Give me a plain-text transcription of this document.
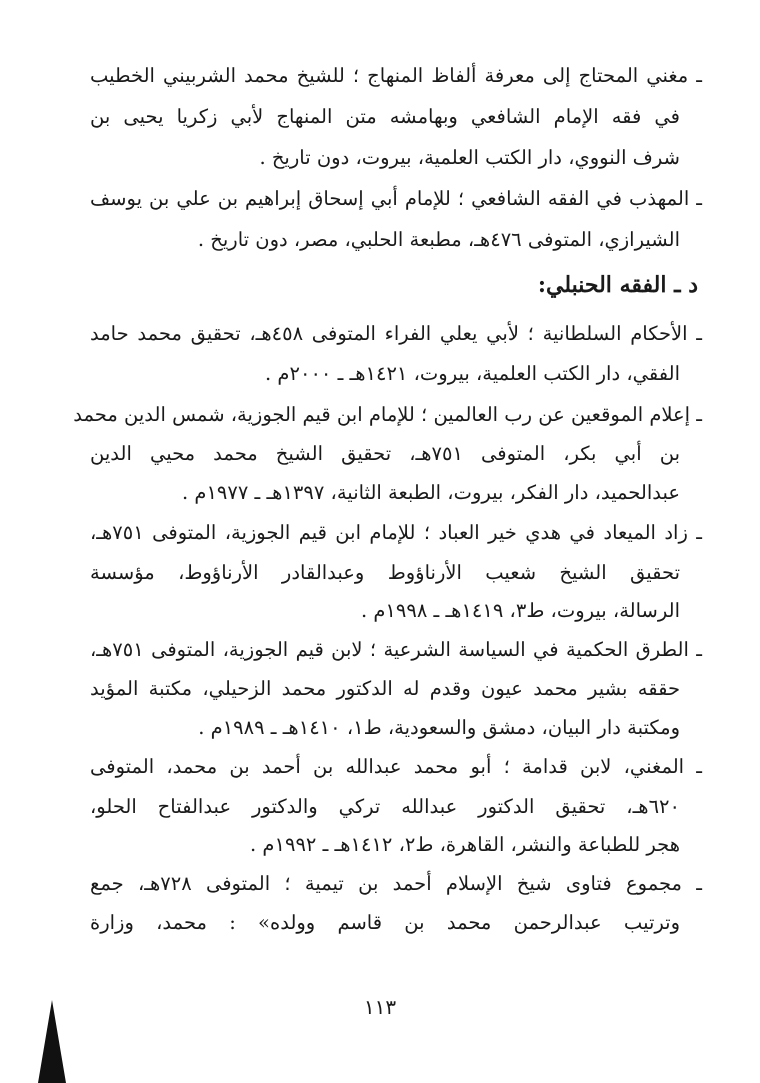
ـ مغني المحتاج إلى معرفة ألفاظ المنهاج ؛ للشيخ محمد الشربيني الخطيب
في فقه الإمام الشافعي وبهامشه متن المنهاج لأبي زكريا يحيى بن
شرف النووي، دار الكتب العلمية، بيروت، دون تاريخ .
ـ المهذب في الفقه الشافعي ؛ للإمام أبي إسحاق إبراهيم بن علي بن يوسف
الشيرازي، المتوفى ٤٧٦هـ، مطبعة الحلبي، مصر، دون تاريخ .
د ـ الفقه الحنبلي:
ـ الأحكام السلطانية ؛ لأبي يعلي الفراء المتوفى ٤٥٨هـ، تحقيق محمد حامد
الفقي، دار الكتب العلمية، بيروت، ١٤٢١هـ ـ ٢٠٠٠م .
ـ إعلام الموقعين عن رب العالمين ؛ للإمام ابن قيم الجوزية، شمس الدين محمد
بن أبي بكر، المتوفى ٧٥١هـ، تحقيق الشيخ محمد محيي الدين
عبدالحميد، دار الفكر، بيروت، الطبعة الثانية، ١٣٩٧هـ ـ ١٩٧٧م .
ـ زاد الميعاد في هدي خير العباد ؛ للإمام ابن قيم الجوزية، المتوفى ٧٥١هـ،
تحقيق الشيخ شعيب الأرناؤوط وعبدالقادر الأرناؤوط، مؤسسة
الرسالة، بيروت، ط٣، ١٤١٩هـ ـ ١٩٩٨م .
ـ الطرق الحكمية في السياسة الشرعية ؛ لابن قيم الجوزية، المتوفى ٧٥١هـ،
حققه بشير محمد عيون وقدم له الدكتور محمد الزحيلي، مكتبة المؤيد
ومكتبة دار البيان، دمشق والسعودية، ط١، ١٤١٠هـ ـ ١٩٨٩م .
ـ المغني، لابن قدامة ؛ أبو محمد عبدالله بن أحمد بن محمد، المتوفى
٦٢٠هـ، تحقيق الدكتور عبدالله تركي والدكتور عبدالفتاح الحلو،
هجر للطباعة والنشر، القاهرة، ط٢، ١٤١٢هـ ـ ١٩٩٢م .
ـ مجموع فتاوى شيخ الإسلام أحمد بن تيمية ؛ المتوفى ٧٢٨هـ، جمع
وترتيب عبدالرحمن محمد بن قاسم وولده» : محمد، وزارة
١١٣
